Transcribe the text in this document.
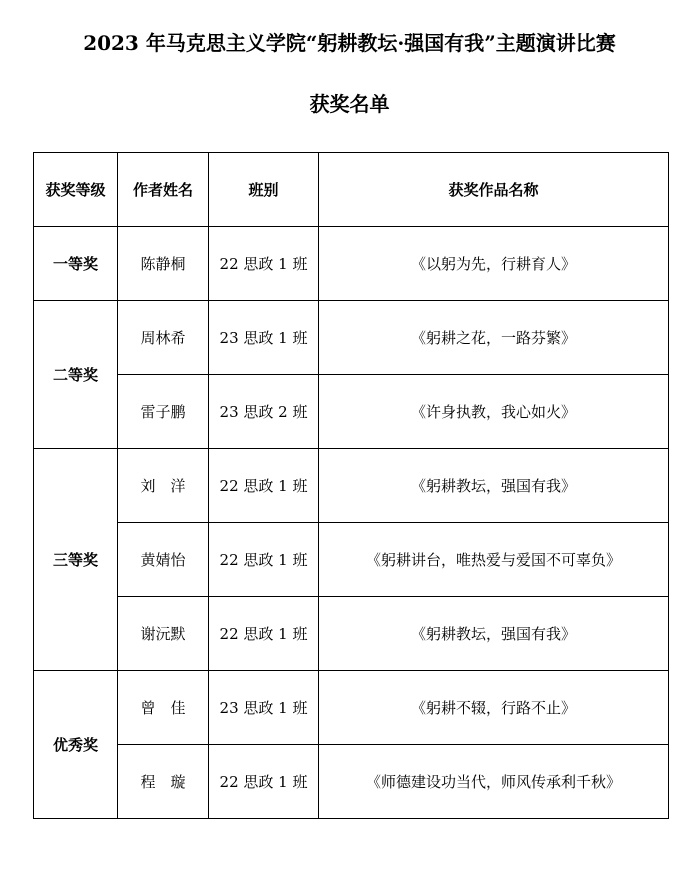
2023 年马克思主义学院“躬耕教坛·强国有我”主题演讲比赛
获奖名单
获奖等级	作者姓名	班别	获奖作品名称
一等奖	陈静桐	22 思政 1 班	《以躬为先，行耕育人》
二等奖	周林希	23 思政 1 班	《躬耕之花，一路芬繁》
	雷子鹏	23 思政 2 班	《许身执教，我心如火》
三等奖	刘　洋	22 思政 1 班	《躬耕教坛，强国有我》
	黄婧怡	22 思政 1 班	《躬耕讲台，唯热爱与爱国不可辜负》
	谢沅默	22 思政 1 班	《躬耕教坛，强国有我》
优秀奖	曾　佳	23 思政 1 班	《躬耕不辍，行路不止》
	程　璇	22 思政 1 班	《师德建设功当代，师风传承利千秋》
